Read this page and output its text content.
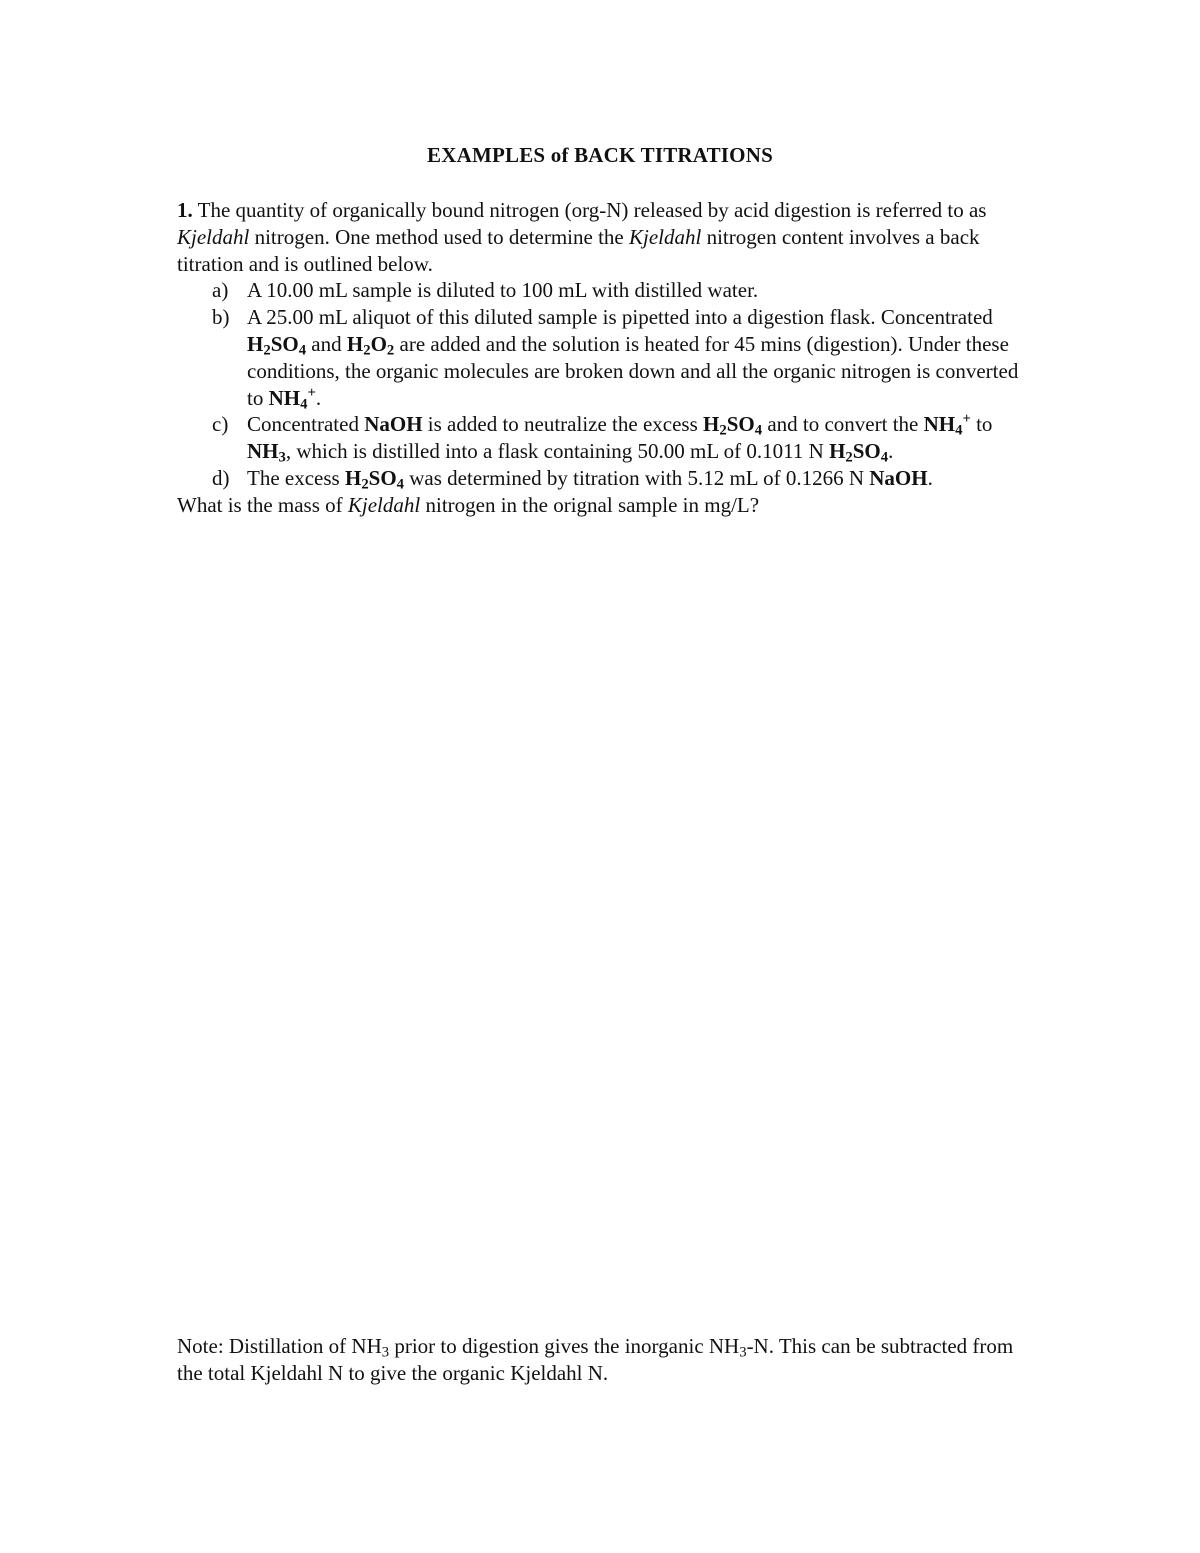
EXAMPLES of BACK TITRATIONS

1. The quantity of organically bound nitrogen (org-N) released by acid digestion is referred to as Kjeldahl nitrogen. One method used to determine the Kjeldahl nitrogen content involves a back titration and is outlined below.

a) A 10.00 mL sample is diluted to 100 mL with distilled water.
b) A 25.00 mL aliquot of this diluted sample is pipetted into a digestion flask. Concentrated $H_2SO_4$ and $H_2O_2$ are added and the solution is heated for 45 mins (digestion). Under these conditions, the organic molecules are broken down and all the organic nitrogen is converted to $NH_4^+$.
c) Concentrated NaOH is added to neutralize the excess $H_2SO_4$ and to convert the $NH_4^+$ to $NH_3$, which is distilled into a flask containing 50.00 mL of 0.1011 N $H_2SO_4$.
d) The excess $H_2SO_4$ was determined by titration with 5.12 mL of 0.1266 N NaOH.

What is the mass of Kjeldahl nitrogen in the orignal sample in mg/L?

Note: Distillation of $NH_3$ prior to digestion gives the inorganic $NH_3-N$. This can be subtracted from the total Kjeldahl N to give the organic Kjeldahl N.
